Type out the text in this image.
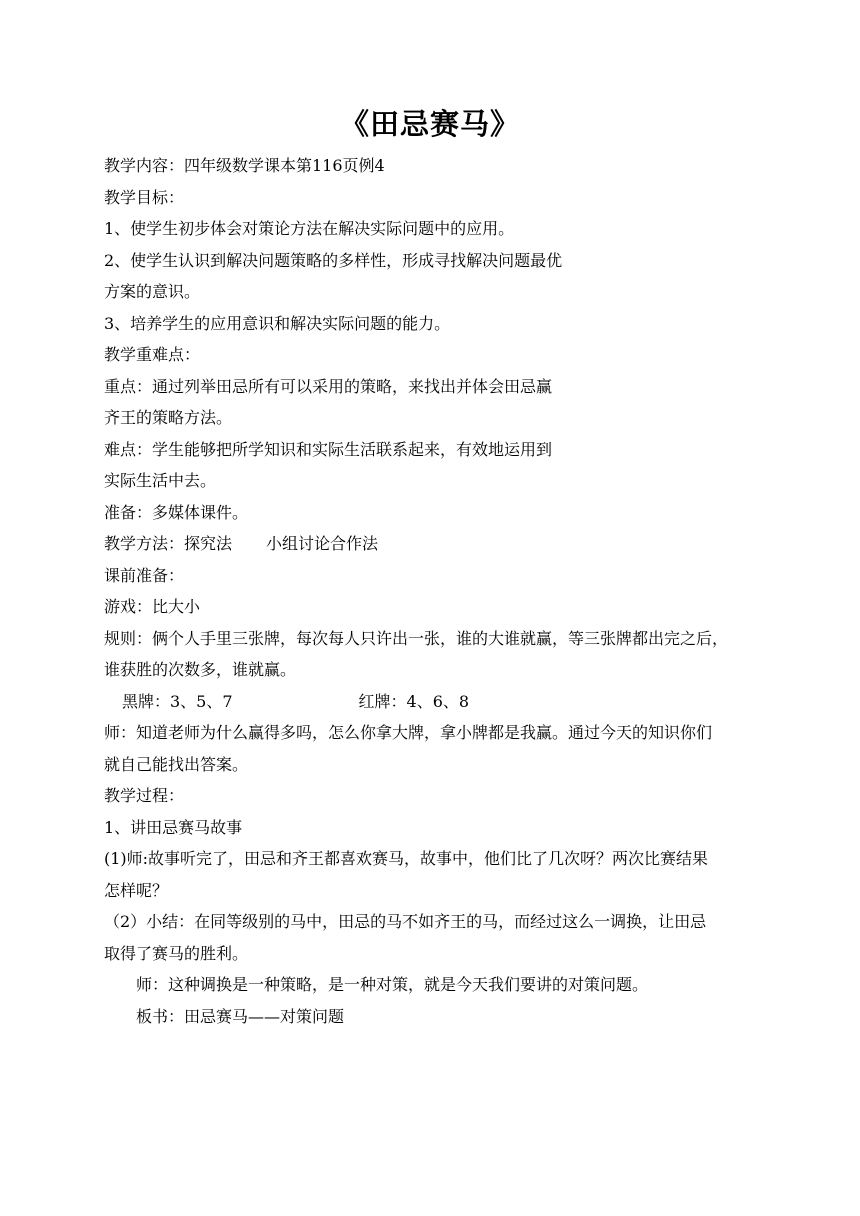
《田忌赛马》
教学内容：四年级数学课本第116页例4
教学目标：
1、使学生初步体会对策论方法在解决实际问题中的应用。
2、使学生认识到解决问题策略的多样性，形成寻找解决问题最优
方案的意识。
3、培养学生的应用意识和解决实际问题的能力。
教学重难点：
重点：通过列举田忌所有可以采用的策略，来找出并体会田忌赢
齐王的策略方法。
难点：学生能够把所学知识和实际生活联系起来，有效地运用到
实际生活中去。
准备：多媒体课件。
教学方法：探究法 小组讨论合作法
课前准备：
游戏：比大小
规则：俩个人手里三张牌，每次每人只许出一张，谁的大谁就赢，等三张牌都出完之后，
谁获胜的次数多，谁就赢。
黑牌：3、5、7	红牌：4、6、8
师：知道老师为什么赢得多吗，怎么你拿大牌，拿小牌都是我赢。通过今天的知识你们
就自己能找出答案。
教学过程：
1、讲田忌赛马故事
(1)师:故事听完了，田忌和齐王都喜欢赛马，故事中，他们比了几次呀？两次比赛结果
怎样呢？
（2）小结：在同等级别的马中，田忌的马不如齐王的马，而经过这么一调换，让田忌
取得了赛马的胜利。
师：这种调换是一种策略，是一种对策，就是今天我们要讲的对策问题。
板书：田忌赛马——对策问题
